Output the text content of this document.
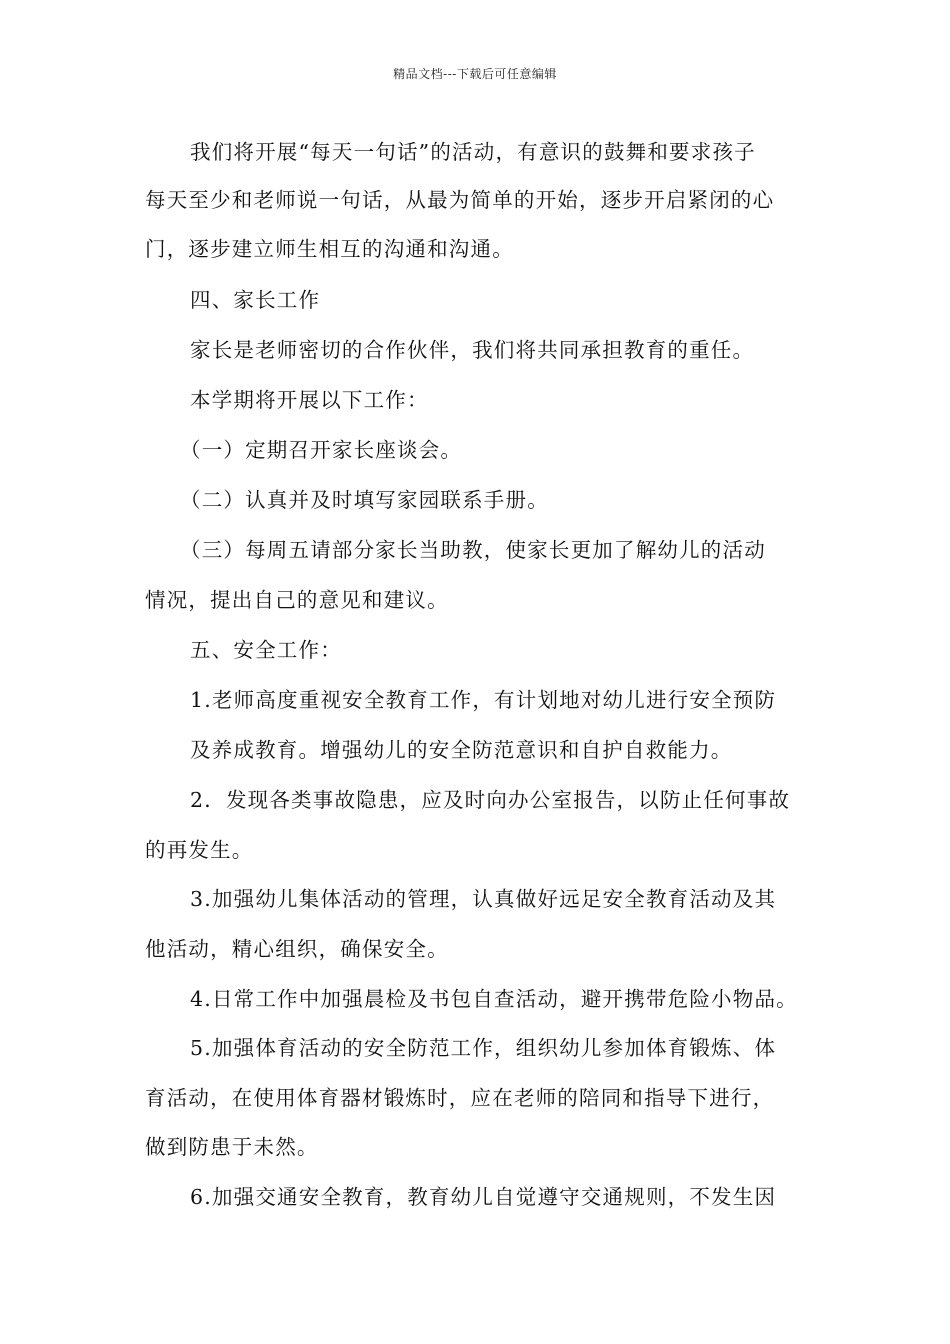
精品文档---下载后可任意编辑
我们将开展“每天一句话”的活动，有意识的鼓舞和要求孩子
每天至少和老师说一句话，从最为简单的开始，逐步开启紧闭的心
门，逐步建立师生相互的沟通和沟通。
四、家长工作
家长是老师密切的合作伙伴，我们将共同承担教育的重任。
本学期将开展以下工作：
（一）定期召开家长座谈会。
（二）认真并及时填写家园联系手册。
（三）每周五请部分家长当助教，使家长更加了解幼儿的活动
情况，提出自己的意见和建议。
五、安全工作：
1.老师高度重视安全教育工作，有计划地对幼儿进行安全预防
及养成教育。增强幼儿的安全防范意识和自护自救能力。
2．发现各类事故隐患，应及时向办公室报告，以防止任何事故
的再发生。
3.加强幼儿集体活动的管理，认真做好远足安全教育活动及其
他活动，精心组织，确保安全。
4.日常工作中加强晨检及书包自查活动，避开携带危险小物品。
5.加强体育活动的安全防范工作，组织幼儿参加体育锻炼、体
育活动，在使用体育器材锻炼时，应在老师的陪同和指导下进行，
做到防患于未然。
6.加强交通安全教育，教育幼儿自觉遵守交通规则，不发生因
